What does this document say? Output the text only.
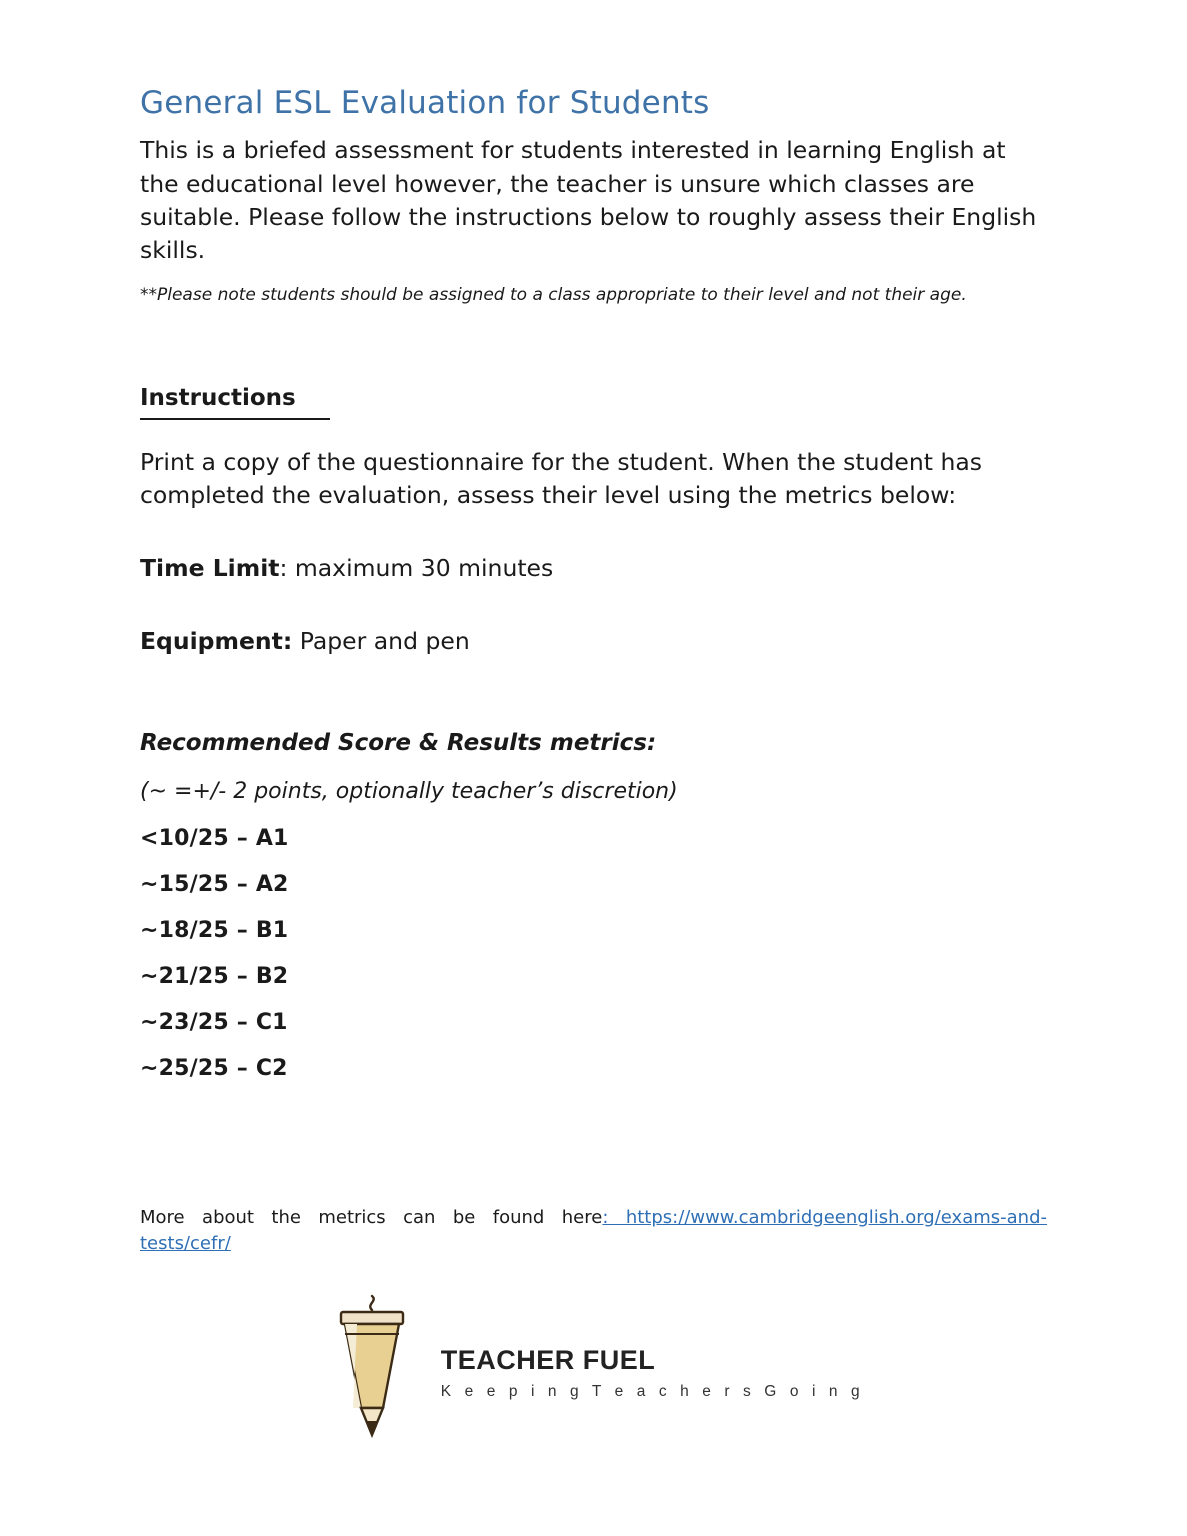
General ESL Evaluation for Students

This is a briefed assessment for students interested in learning English at the educational level however, the teacher is unsure which classes are suitable. Please follow the instructions below to roughly assess their English skills.

**Please note students should be assigned to a class appropriate to their level and not their age.

Instructions

Print a copy of the questionnaire for the student. When the student has completed the evaluation, assess their level using the metrics below:

Time Limit: maximum 30 minutes

Equipment: Paper and pen

Recommended Score & Results metrics:

(~ =+/- 2 points, optionally teacher’s discretion)

<10/25 – A1
~15/25 – A2
~18/25 – B1
~21/25 – B2
~23/25 – C1
~25/25 – C2
More about the metrics can be found here: https://www.cambridgeenglish.org/exams-and- tests/cefr/
TEACHER FUEL
K e e p i n g T e a c h e r s G o i n g
